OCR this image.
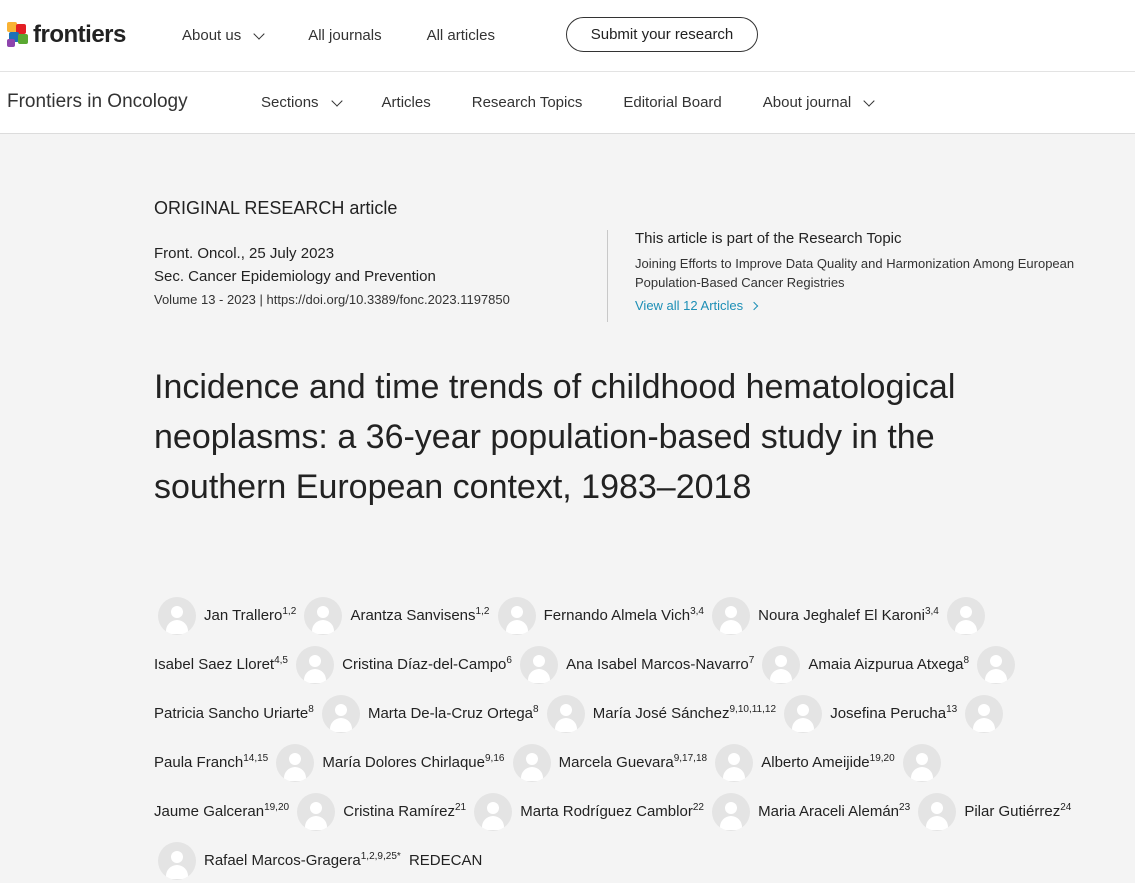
frontiers	About us	All journals	All articles	Submit your research
Frontiers in Oncology	Sections	Articles	Research Topics	Editorial Board	About journal
ORIGINAL RESEARCH article
Front. Oncol., 25 July 2023
Sec. Cancer Epidemiology and Prevention
Volume 13 - 2023 | https://doi.org/10.3389/fonc.2023.1197850
This article is part of the Research Topic
Joining Efforts to Improve Data Quality and Harmonization Among European Population-Based Cancer Registries
View all 12 Articles
Incidence and time trends of childhood hematological neoplasms: a 36-year population-based study in the southern European context, 1983–2018
Jan Trallero$^{1,2}$	Arantza Sanvisens$^{1,2}$	Fernando Almela Vich$^{3,4}$	Noura Jeghalef El Karoni$^{3,4}$
Isabel Saez Lloret$^{4,5}$	Cristina Díaz-del-Campo$^6$	Ana Isabel Marcos-Navarro$^7$	Amaia Aizpurua Atxega$^8$
Patricia Sancho Uriarte$^8$	Marta De-la-Cruz Ortega$^8$	María José Sánchez$^{9,10,11,12}$	Josefina Perucha$^{13}$
Paula Franch$^{14,15}$	María Dolores Chirlaque$^{9,16}$	Marcela Guevara$^{9,17,18}$	Alberto Ameijide$^{19,20}$
Jaume Galceran$^{19,20}$	Cristina Ramírez$^{21}$	Marta Rodríguez Camblor$^{22}$	Maria Araceli Alemán$^{23}$	Pilar Gutiérrez$^{24}$
Rafael Marcos-Gragera$^{1,2,9,25*}$ REDECAN
